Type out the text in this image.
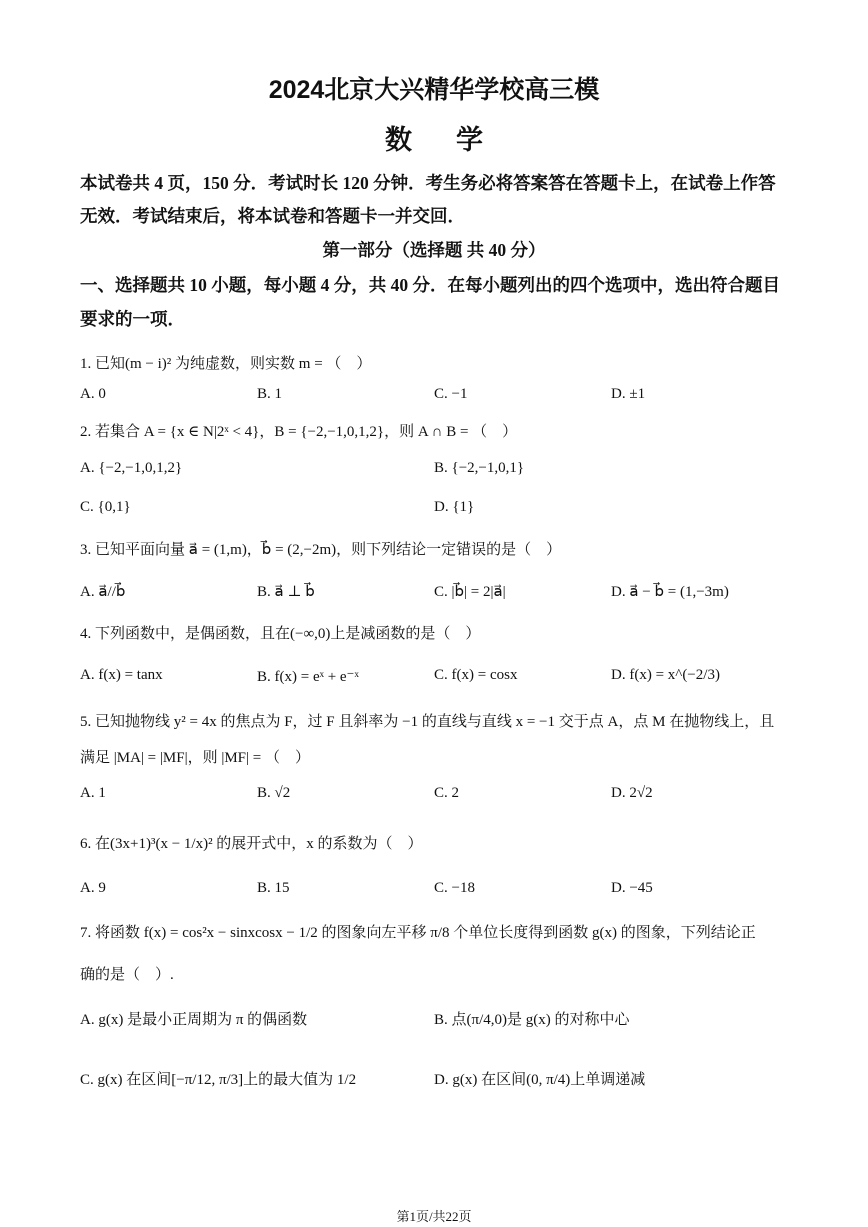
2024北京大兴精华学校高三模
数学
本试卷共 4 页，150 分．考试时长 120 分钟．考生务必将答案答在答题卡上，在试卷上作答
无效．考试结束后，将本试卷和答题卡一并交回．
第一部分（选择题 共 40 分）
一、选择题共 10 小题，每小题 4 分，共 40 分．在每小题列出的四个选项中，选出符合题目
要求的一项．
1. 已知(m − i)² 为纯虚数，则实数 m = （　）
A. 0	B. 1	C. −1	D. ±1
2. 若集合 A = {x ∈ N|2ˣ < 4}，B = {−2,−1,0,1,2}，则 A ∩ B = （　）
A. {−2,−1,0,1,2}	B. {−2,−1,0,1}
C. {0,1}	D. {1}
3. 已知平面向量 a⃗ = (1,m)，b⃗ = (2,−2m)，则下列结论一定错误的是（　）
A. a⃗//b⃗	B. a⃗ ⊥ b⃗	C. |b⃗| = 2|a⃗|	D. a⃗ − b⃗ = (1,−3m)
4. 下列函数中，是偶函数，且在(−∞,0)上是减函数的是（　）
A. f(x) = tanx	B. f(x) = eˣ + e⁻ˣ	C. f(x) = cosx	D. f(x) = x^(−2/3)
5. 已知抛物线 y² = 4x 的焦点为 F，过 F 且斜率为 −1 的直线与直线 x = −1 交于点 A，点 M 在抛物线上，且
满足 |MA| = |MF|，则 |MF| = （　）
A. 1	B. √2	C. 2	D. 2√2
6. 在(3x+1)³(x − 1/x)² 的展开式中，x 的系数为（　）
A. 9	B. 15	C. −18	D. −45
7. 将函数 f(x) = cos²x − sinxcosx − 1/2 的图象向左平移 π/8 个单位长度得到函数 g(x) 的图象，下列结论正
确的是（　）.
A. g(x) 是最小正周期为 π 的偶函数	B. 点(π/4,0)是 g(x) 的对称中心
C. g(x) 在区间[−π/12, π/3]上的最大值为 1/2	D. g(x) 在区间(0, π/4)上单调递减
第1页/共22页
